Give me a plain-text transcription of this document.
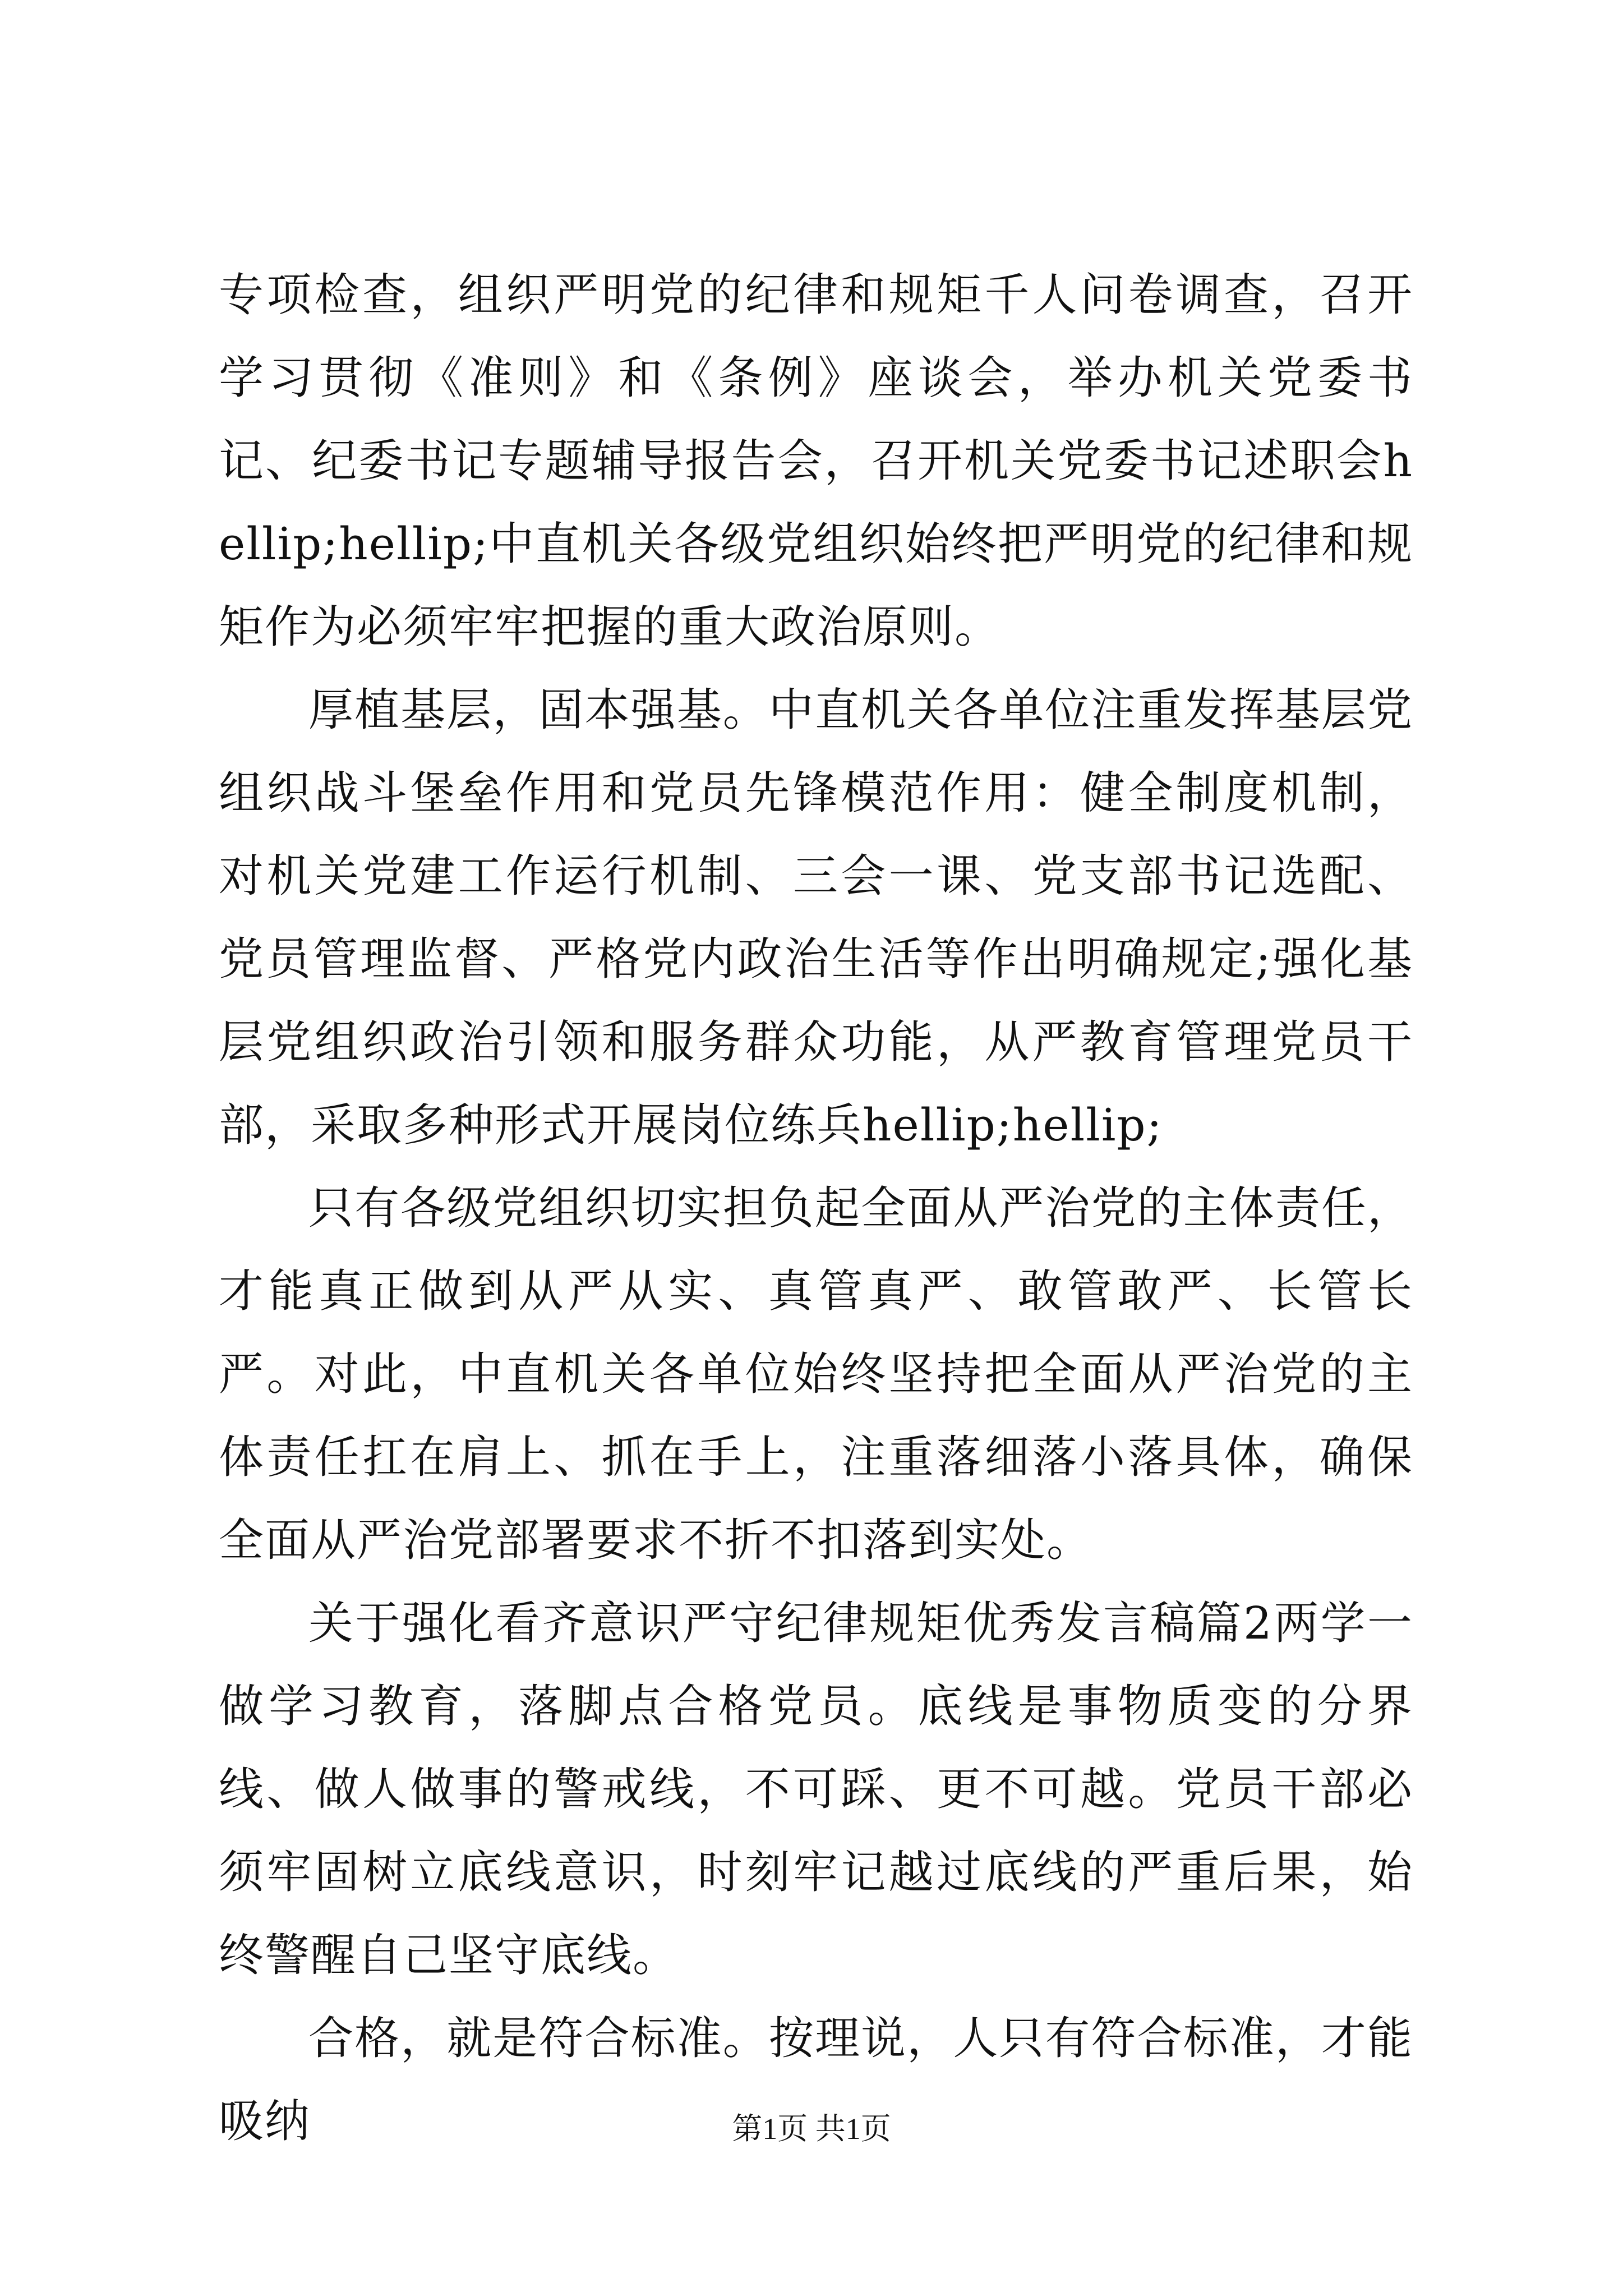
专项检查，组织严明党的纪律和规矩千人问卷调查，召开学习贯彻《准则》和《条例》座谈会，举办机关党委书记、纪委书记专题辅导报告会，召开机关党委书记述职会hellip;hellip;中直机关各级党组织始终把严明党的纪律和规矩作为必须牢牢把握的重大政治原则。

厚植基层，固本强基。中直机关各单位注重发挥基层党组织战斗堡垒作用和党员先锋模范作用：健全制度机制，对机关党建工作运行机制、三会一课、党支部书记选配、党员管理监督、严格党内政治生活等作出明确规定;强化基层党组织政治引领和服务群众功能，从严教育管理党员干部，采取多种形式开展岗位练兵hellip;hellip;

只有各级党组织切实担负起全面从严治党的主体责任，才能真正做到从严从实、真管真严、敢管敢严、长管长严。对此，中直机关各单位始终坚持把全面从严治党的主体责任扛在肩上、抓在手上，注重落细落小落具体，确保全面从严治党部署要求不折不扣落到实处。

关于强化看齐意识严守纪律规矩优秀发言稿篇2两学一做学习教育，落脚点合格党员。底线是事物质变的分界线、做人做事的警戒线，不可踩、更不可越。党员干部必须牢固树立底线意识，时刻牢记越过底线的严重后果，始终警醒自己坚守底线。

合格，就是符合标准。按理说，人只有符合标准，才能吸纳	第1页 共1页
